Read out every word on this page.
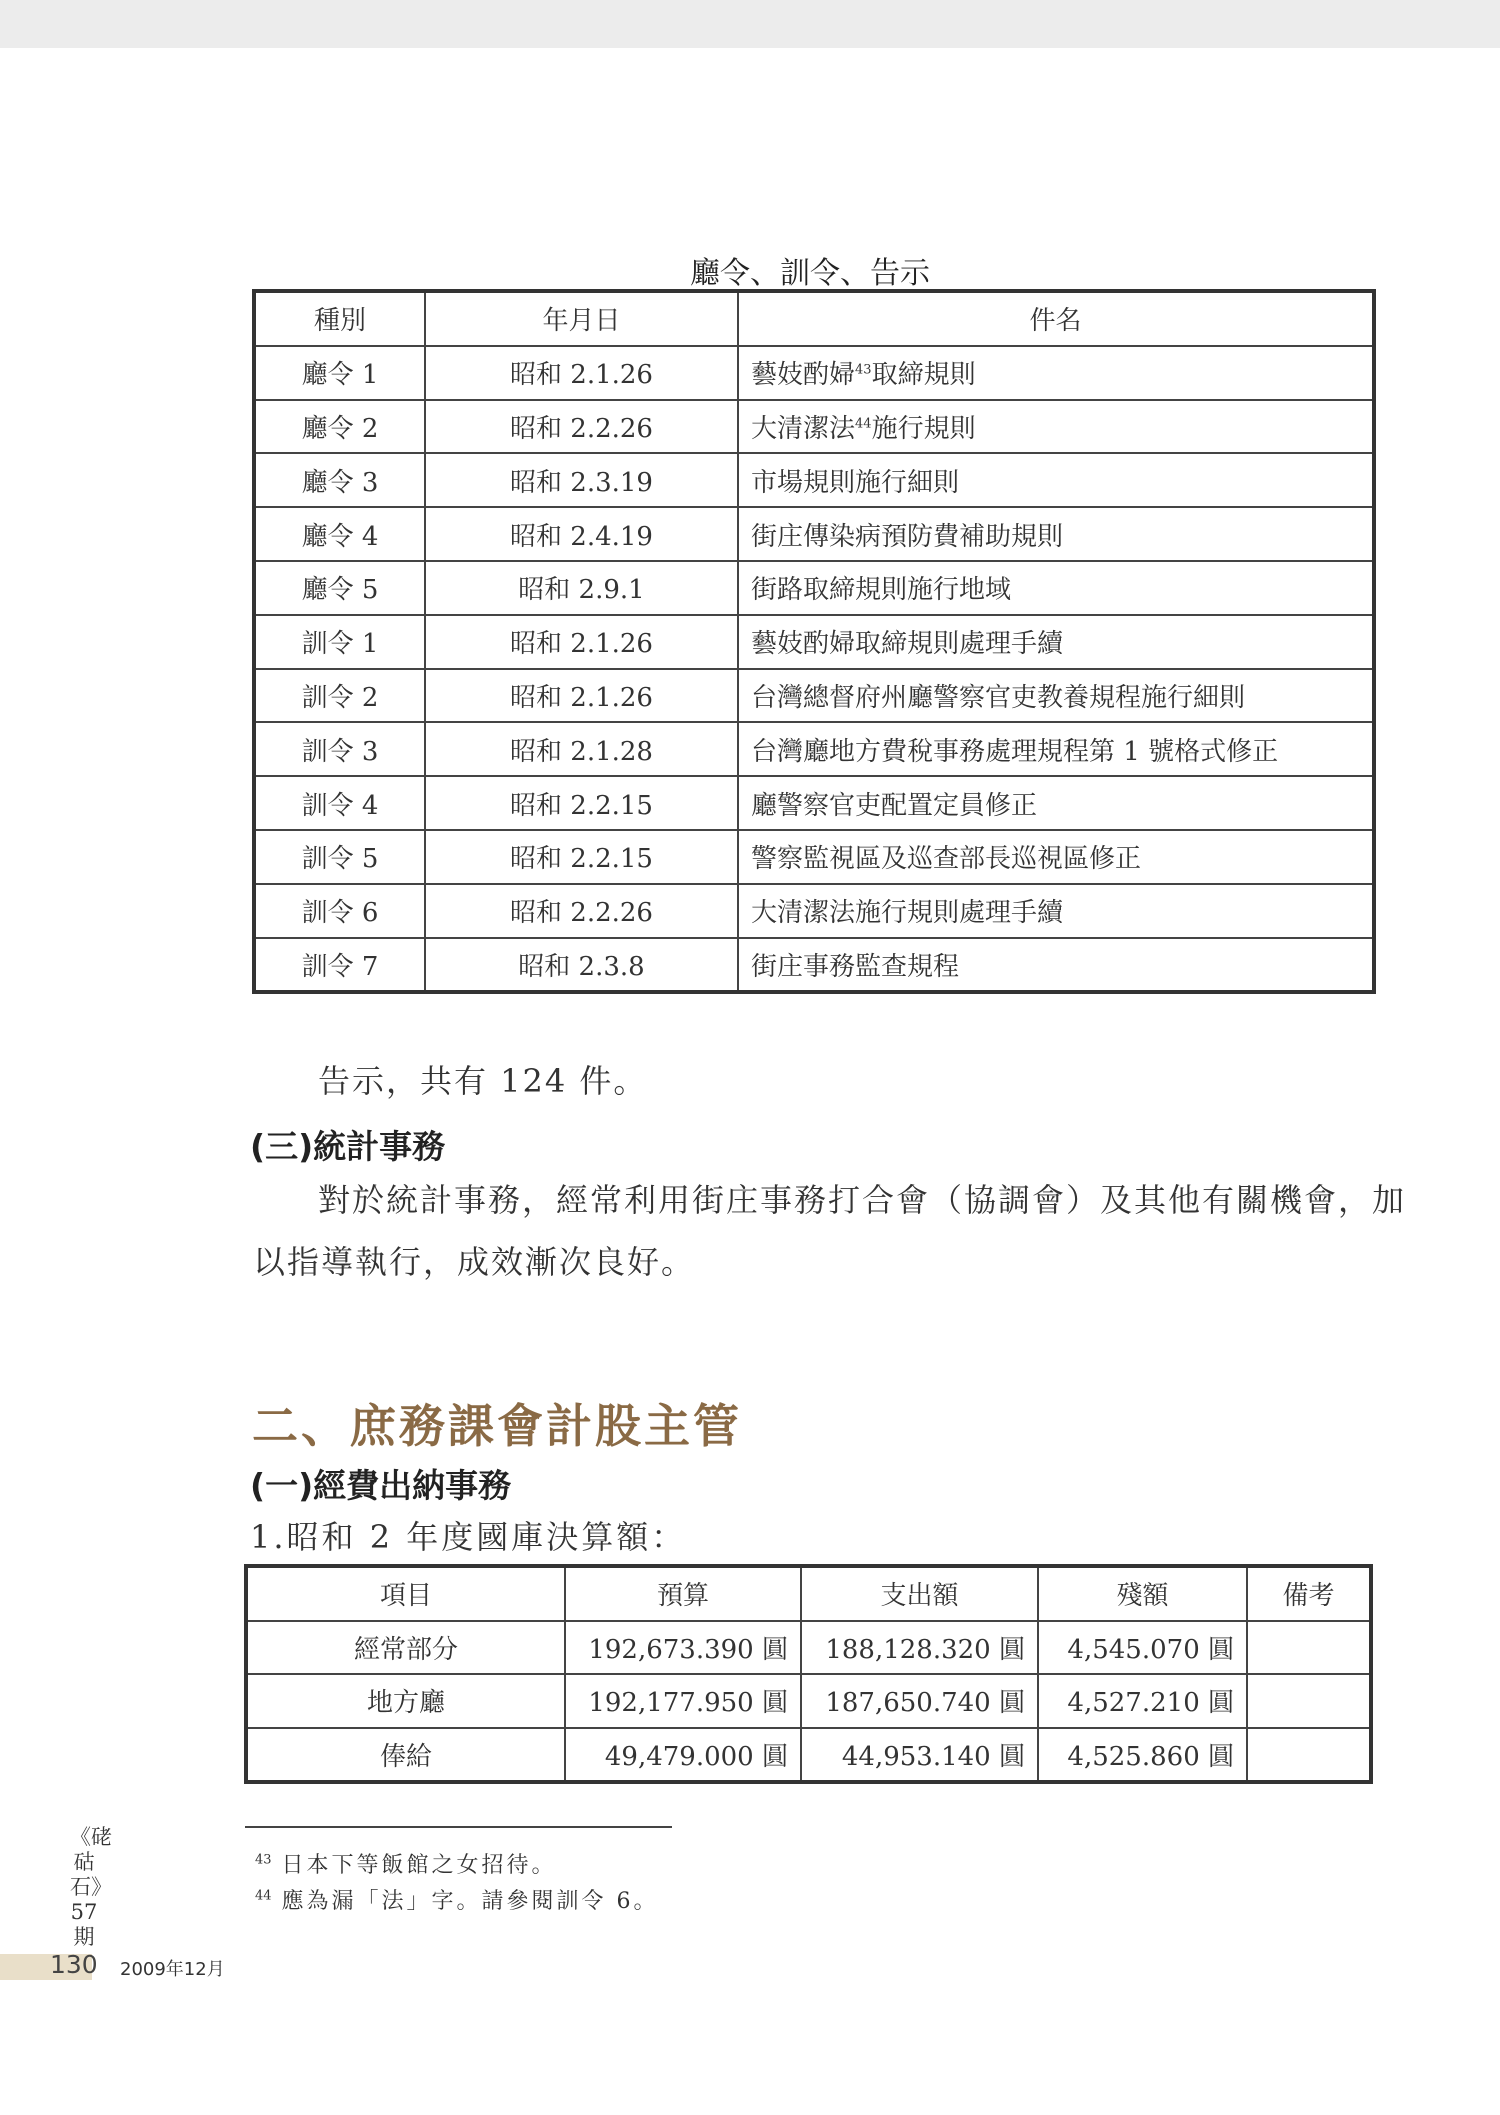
廳令、訓令、告示
種別	年月日	件名
廳令 1	昭和 2.1.26	藝妓酌婦$^{43}$取締規則
廳令 2	昭和 2.2.26	大清潔法$^{44}$施行規則
廳令 3	昭和 2.3.19	市場規則施行細則
廳令 4	昭和 2.4.19	街庄傳染病預防費補助規則
廳令 5	昭和 2.9.1	街路取締規則施行地域
訓令 1	昭和 2.1.26	藝妓酌婦取締規則處理手續
訓令 2	昭和 2.1.26	台灣總督府州廳警察官吏教養規程施行細則
訓令 3	昭和 2.1.28	台灣廳地方費稅事務處理規程第 1 號格式修正
訓令 4	昭和 2.2.15	廳警察官吏配置定員修正
訓令 5	昭和 2.2.15	警察監視區及巡查部長巡視區修正
訓令 6	昭和 2.2.26	大清潔法施行規則處理手續
訓令 7	昭和 2.3.8	街庄事務監查規程
告示，共有 124 件。
(三)統計事務
對於統計事務，經常利用街庄事務打合會（協調會）及其他有關機會，加
以指導執行，成效漸次良好。
二、庶務課會計股主管
(一)經費出納事務
1.昭和 2 年度國庫決算額：
項目	預算	支出額	殘額	備考
經常部分	192,673.390 圓	188,128.320 圓	4,545.070 圓	
地方廳	192,177.950 圓	187,650.740 圓	4,527.210 圓	
俸給	49,479.000 圓	44,953.140 圓	4,525.860 圓	
$^{43}$ 日本下等飯館之女招待。
$^{44}$ 應為漏「法」字。請參閱訓令 6。
《硓𥑮石》57期
130 2009年12月
